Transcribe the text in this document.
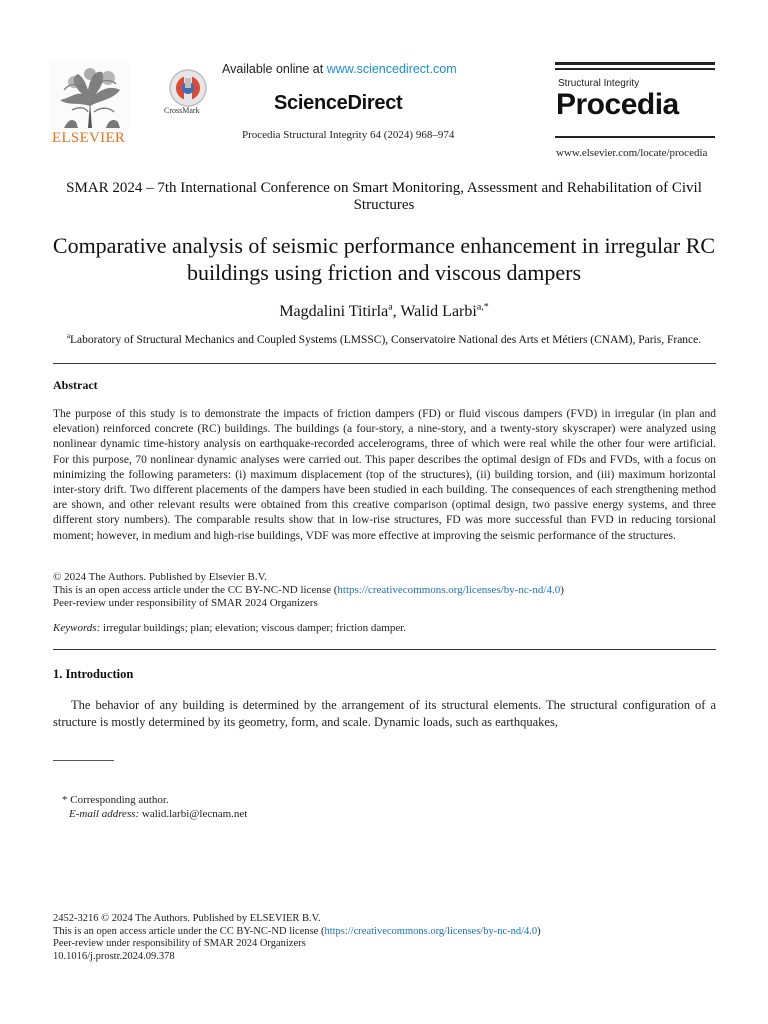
ELSEVIER
CrossMark
Available online at www.sciencedirect.com
ScienceDirect
Procedia Structural Integrity 64 (2024) 968–974
Structural Integrity
Procedia
www.elsevier.com/locate/procedia
SMAR 2024 – 7th International Conference on Smart Monitoring, Assessment and Rehabilitation of Civil Structures
Comparative analysis of seismic performance enhancement in irregular RC buildings using friction and viscous dampers
Magdalini Titirla$^a$, Walid Larbi$^{a,*}$
$^a$Laboratory of Structural Mechanics and Coupled Systems (LMSSC), Conservatoire National des Arts et Métiers (CNAM), Paris, France.
Abstract
The purpose of this study is to demonstrate the impacts of friction dampers (FD) or fluid viscous dampers (FVD) in irregular (in plan and elevation) reinforced concrete (RC) buildings. The buildings (a four-story, a nine-story, and a twenty-story skyscraper) were analyzed using nonlinear dynamic time-history analysis on earthquake-recorded accelerograms, three of which were real while the other four were artificial. For this purpose, 70 nonlinear dynamic analyses were carried out. This paper describes the optimal design of FDs and FVDs, with a focus on minimizing the following parameters: (i) maximum displacement (top of the structures), (ii) building torsion, and (iii) maximum horizontal inter-story drift. Two different placements of the dampers have been studied in each building. The consequences of each strengthening method are shown, and other relevant results were obtained from this creative comparison (optimal design, two passive energy systems, and three different story numbers). The comparable results show that in low-rise structures, FD was more successful than FVD in reducing torsional moment; however, in medium and high-rise buildings, VDF was more effective at improving the seismic performance of the structures.
© 2024 The Authors. Published by Elsevier B.V.
This is an open access article under the CC BY-NC-ND license (https://creativecommons.org/licenses/by-nc-nd/4.0)
Peer-review under responsibility of SMAR 2024 Organizers
Keywords: irregular buildings; plan; elevation; viscous damper; friction damper.
1. Introduction
The behavior of any building is determined by the arrangement of its structural elements. The structural configuration of a structure is mostly determined by its geometry, form, and scale. Dynamic loads, such as earthquakes,
* Corresponding author.
E-mail address: walid.larbi@lecnam.net
2452-3216 © 2024 The Authors. Published by ELSEVIER B.V.
This is an open access article under the CC BY-NC-ND license (https://creativecommons.org/licenses/by-nc-nd/4.0)
Peer-review under responsibility of SMAR 2024 Organizers
10.1016/j.prostr.2024.09.378
